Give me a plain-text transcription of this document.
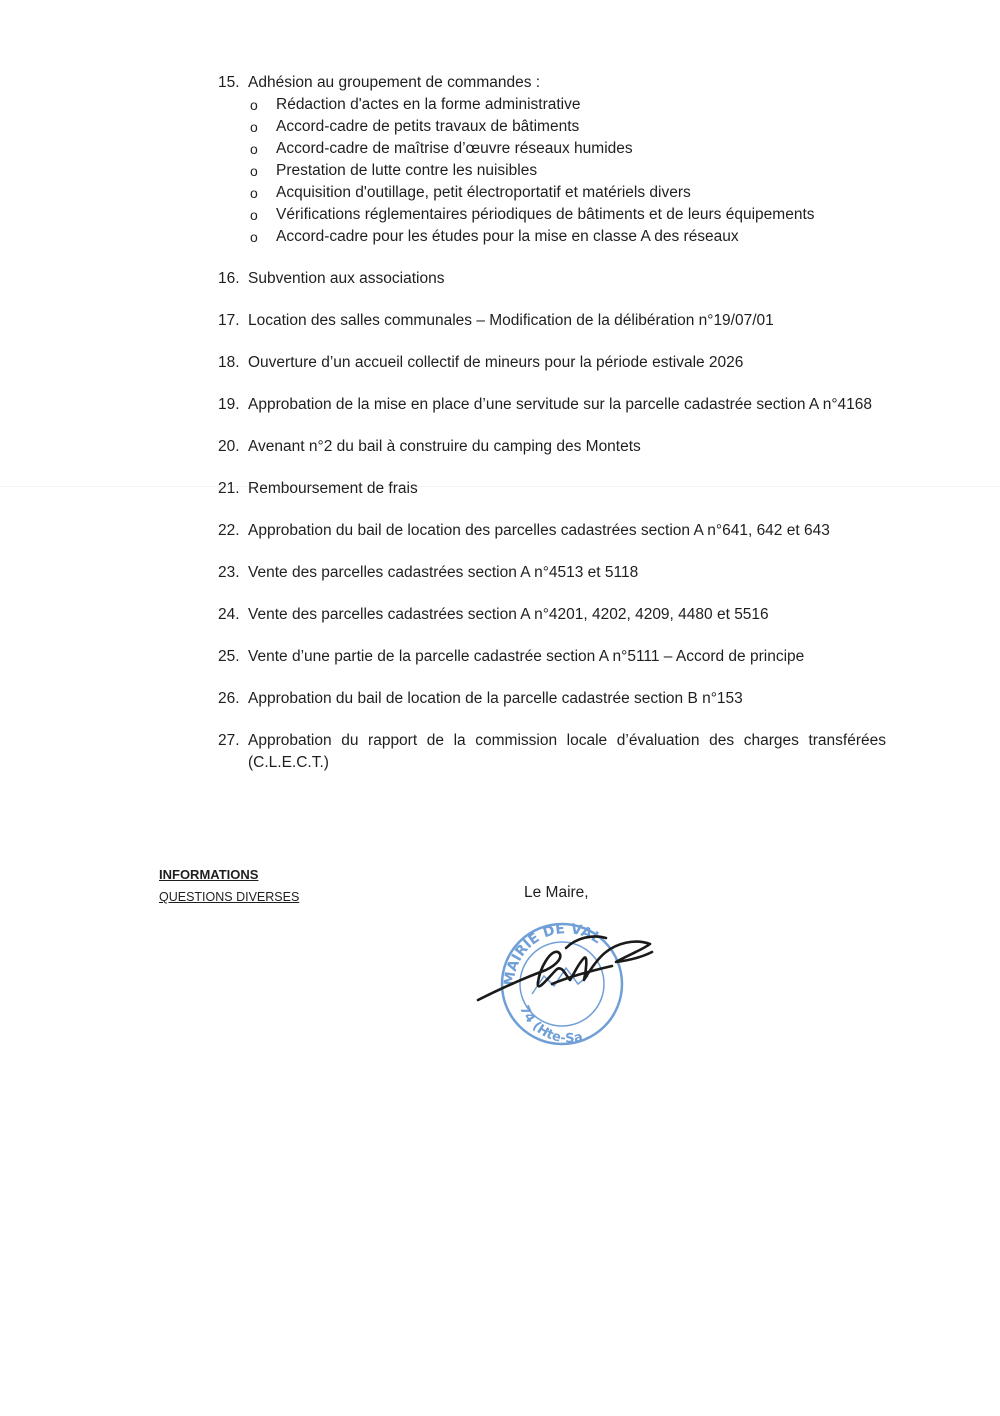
15. Adhésion au groupement de commandes :
o Rédaction d'actes en la forme administrative
o Accord-cadre de petits travaux de bâtiments
o Accord-cadre de maîtrise d’œuvre réseaux humides
o Prestation de lutte contre les nuisibles
o Acquisition d'outillage, petit électroportatif et matériels divers
o Vérifications réglementaires périodiques de bâtiments et de leurs équipements
o Accord-cadre pour les études pour la mise en classe A des réseaux
16. Subvention aux associations
17. Location des salles communales – Modification de la délibération n°19/07/01
18. Ouverture d’un accueil collectif de mineurs pour la période estivale 2026
19. Approbation de la mise en place d’une servitude sur la parcelle cadastrée section A n°4168
20. Avenant n°2 du bail à construire du camping des Montets
21. Remboursement de frais
22. Approbation du bail de location des parcelles cadastrées section A n°641, 642 et 643
23. Vente des parcelles cadastrées section A n°4513 et 5118
24. Vente des parcelles cadastrées section A n°4201, 4202, 4209, 4480 et 5516
25. Vente d’une partie de la parcelle cadastrée section A n°5111 – Accord de principe
26. Approbation du bail de location de la parcelle cadastrée section B n°153
27. Approbation du rapport de la commission locale d’évaluation des charges transférées (C.L.E.C.T.)
INFORMATIONS
QUESTIONS DIVERSES	Le Maire,
MAIRIE DE VAL
74 (Hte-Sa
